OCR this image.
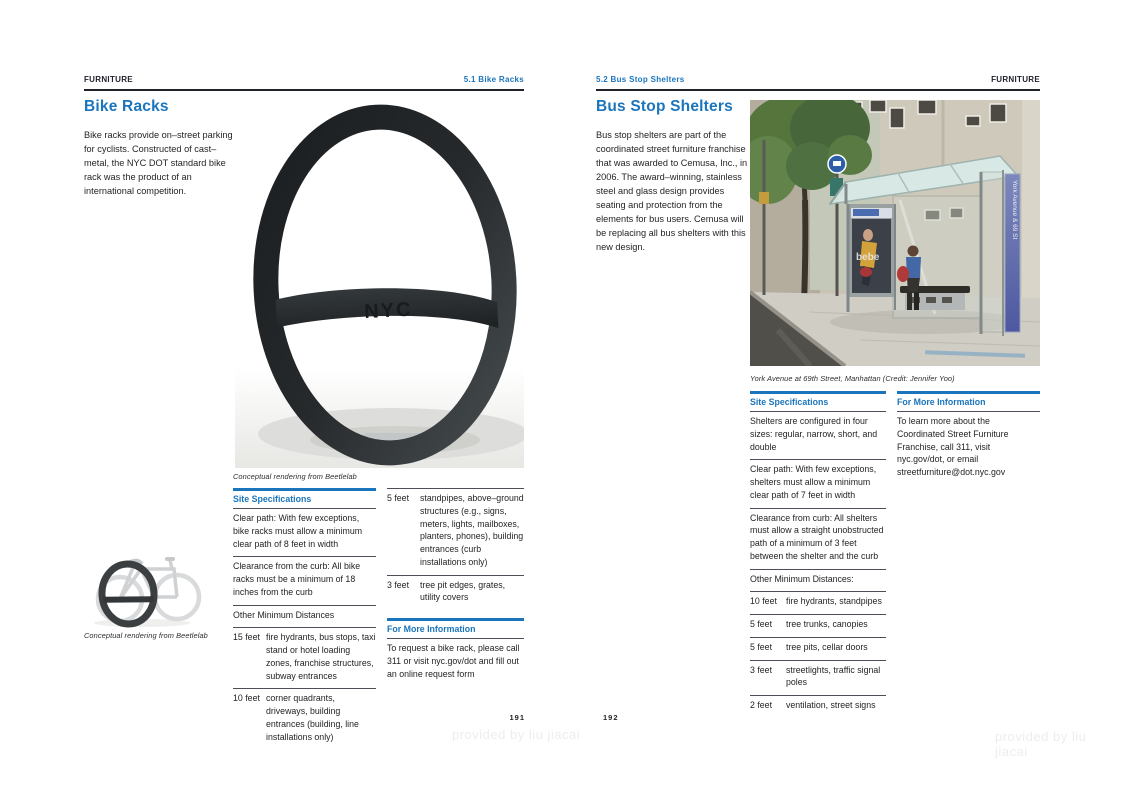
FURNITURE	5.1 Bike Racks
Bike Racks
Bike racks provide on–street parking for cyclists. Constructed of cast–metal, the NYC DOT standard bike rack was the product of an international competition.
NYC
Conceptual rendering from Beetlelab
Site Specifications
Clear path: With few exceptions, bike racks must allow a minimum clear path of 8 feet in width
Clearance from the curb: All bike racks must be a minimum of 18 inches from the curb
Other Minimum Distances
15 feet fire hydrants, bus stops, taxi stand or hotel loading zones, franchise structures, subway entrances
10 feet corner quadrants, driveways, building entrances (building, line installations only)
5 feet	standpipes, above–ground structures (e.g., signs, meters, lights, mailboxes, planters, phones), building entrances (curb installations only)
3 feet	tree pit edges, grates, utility covers
For More Information
To request a bike rack, please call 311 or visit nyc.gov/dot and fill out an online request form
Conceptual rendering from Beetlelab
191
5.2 Bus Stop Shelters	FURNITURE
Bus Stop Shelters
Bus stop shelters are part of the coordinated street furniture franchise that was awarded to Cemusa, Inc., in 2006. The award–winning, stainless steel and glass design provides seating and protection from the elements for bus users. Cemusa will be replacing all bus shelters with this new design.
York Avenue & 69 St
bebe
York Avenue at 69th Street, Manhattan (Credit: Jennifer Yoo)
Site Specifications
Shelters are configured in four sizes: regular, narrow, short, and double
Clear path: With few exceptions, shelters must allow a minimum clear path of 7 feet in width
Clearance from curb: All shelters must allow a straight unobstructed path of a minimum of 3 feet between the shelter and the curb
Other Minimum Distances:
10 feet	fire hydrants, standpipes
5 feet	tree trunks, canopies
5 feet	tree pits, cellar doors
3 feet	streetlights, traffic signal poles
2 feet	ventilation, street signs
For More Information
To learn more about the Coordinated Street Furniture Franchise, call 311, visit nyc.gov/dot, or email streetfurniture@dot.nyc.gov
192
provided by liu jiacai	provided by liu jiacai
